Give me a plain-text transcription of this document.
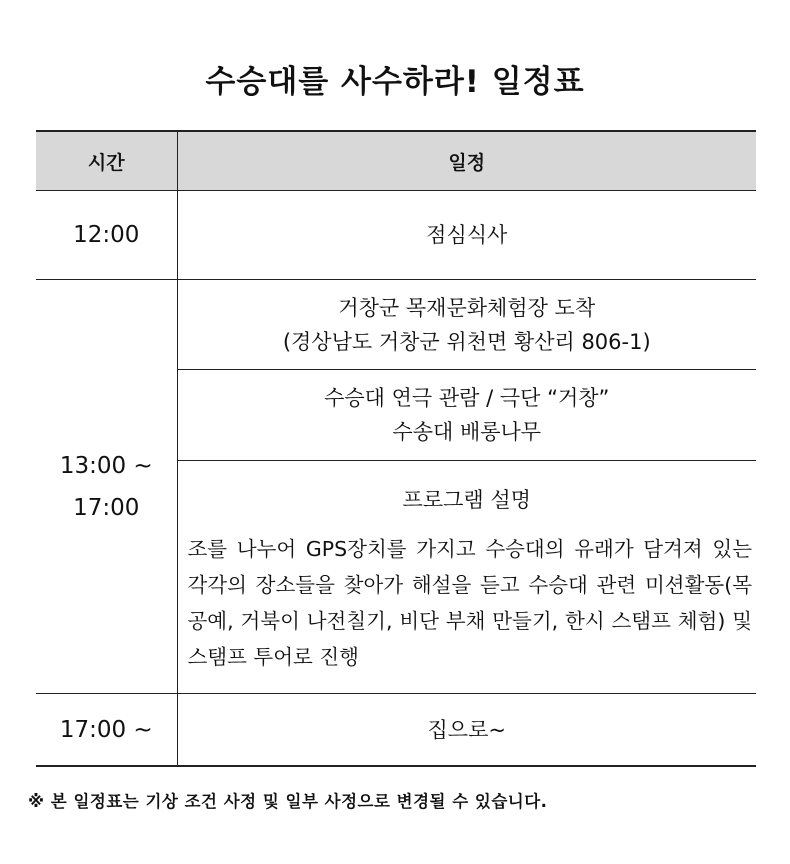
수승대를 사수하라! 일정표
시간	일정
12:00	점심식사

13:00 ~
17:00	거창군 목재문화체험장 도착
(경상남도 거창군 위천면 황산리 806-1)

	수승대 연극 관람 / 극단 “거창”
수송대 배롱나무

	프로그램 설명
조를 나누어 GPS장치를 가지고 수승대의 유래가 담겨져 있는 각각의 장소들을 찾아가 해설을 듣고 수승대 관련 미션활동(목공예, 거북이 나전칠기, 비단 부채 만들기, 한시 스탬프 체험) 및 스탬프 투어로 진행

17:00 ~	집으로~
※ 본 일정표는 기상 조건 사정 및 일부 사정으로 변경될 수 있습니다.
